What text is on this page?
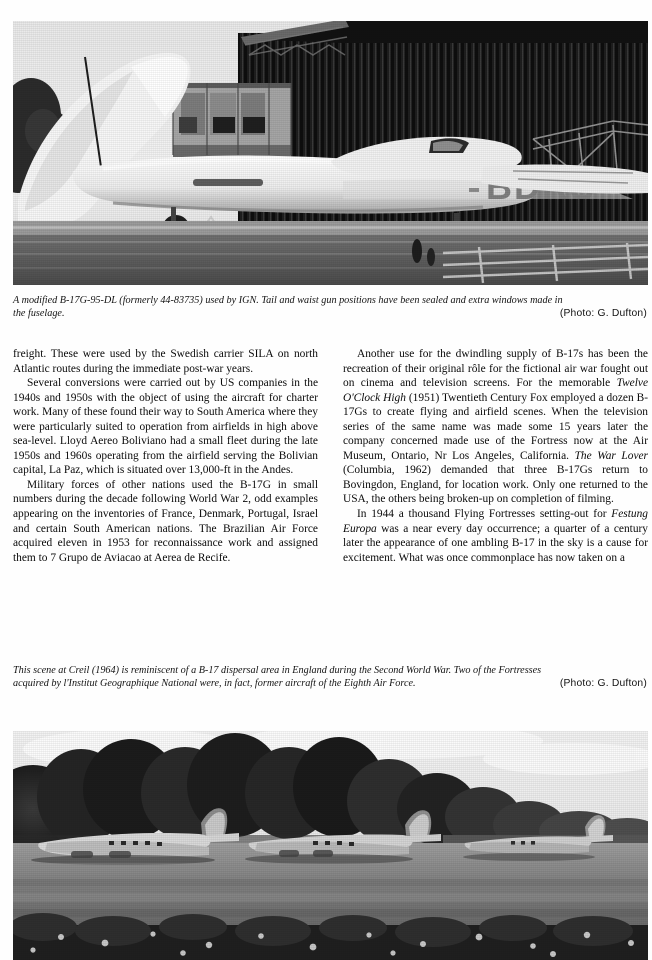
A modified B-17G-95-DL (formerly 44-83735) used by IGN. Tail and waist gun positions have been sealed and extra windows made in
(Photo: G. Dufton)
the fuselage.

freight. These were used by the Swedish carrier SILA on north Atlantic routes during the immediate post-war years.

Several conversions were carried out by US companies in the 1940s and 1950s with the object of using the aircraft for charter work. Many of these found their way to South America where they were particularly suited to operation from airfields in high above sea-level. Lloyd Aereo Boliviano had a small fleet during the late 1950s and 1960s operating from the airfield serving the Bolivian capital, La Paz, which is situated over 13,000-ft in the Andes.

Military forces of other nations used the B-17G in small numbers during the decade following World War 2, odd examples appearing on the inventories of France, Denmark, Portugal, Israel and certain South American nations. The Brazilian Air Force acquired eleven in 1953 for reconnaissance work and assigned them to 7 Grupo de Aviacao at Aerea de Recife.

Another use for the dwindling supply of B-17s has been the recreation of their original rôle for the fictional air war fought out on cinema and television screens. For the memorable Twelve O'Clock High (1951) Twentieth Century Fox employed a dozen B-17Gs to create flying and airfield scenes. When the television series of the same name was made some 15 years later the company concerned made use of the Fortress now at the Air Museum, Ontario, Nr Los Angeles, California. The War Lover (Columbia, 1962) demanded that three B-17Gs return to Bovingdon, England, for location work. Only one returned to the USA, the others being broken-up on completion of filming.

In 1944 a thousand Flying Fortresses setting-out for Festung Europa was a near every day occurrence; a quarter of a century later the appearance of one ambling B-17 in the sky is a cause for excitement. What was once commonplace has now taken on a

This scene at Creil (1964) is reminiscent of a B-17 dispersal area in England during the Second World War. Two of the Fortresses
(Photo: G. Dufton)
acquired by l'Institut Geographique National were, in fact, former aircraft of the Eighth Air Force.
